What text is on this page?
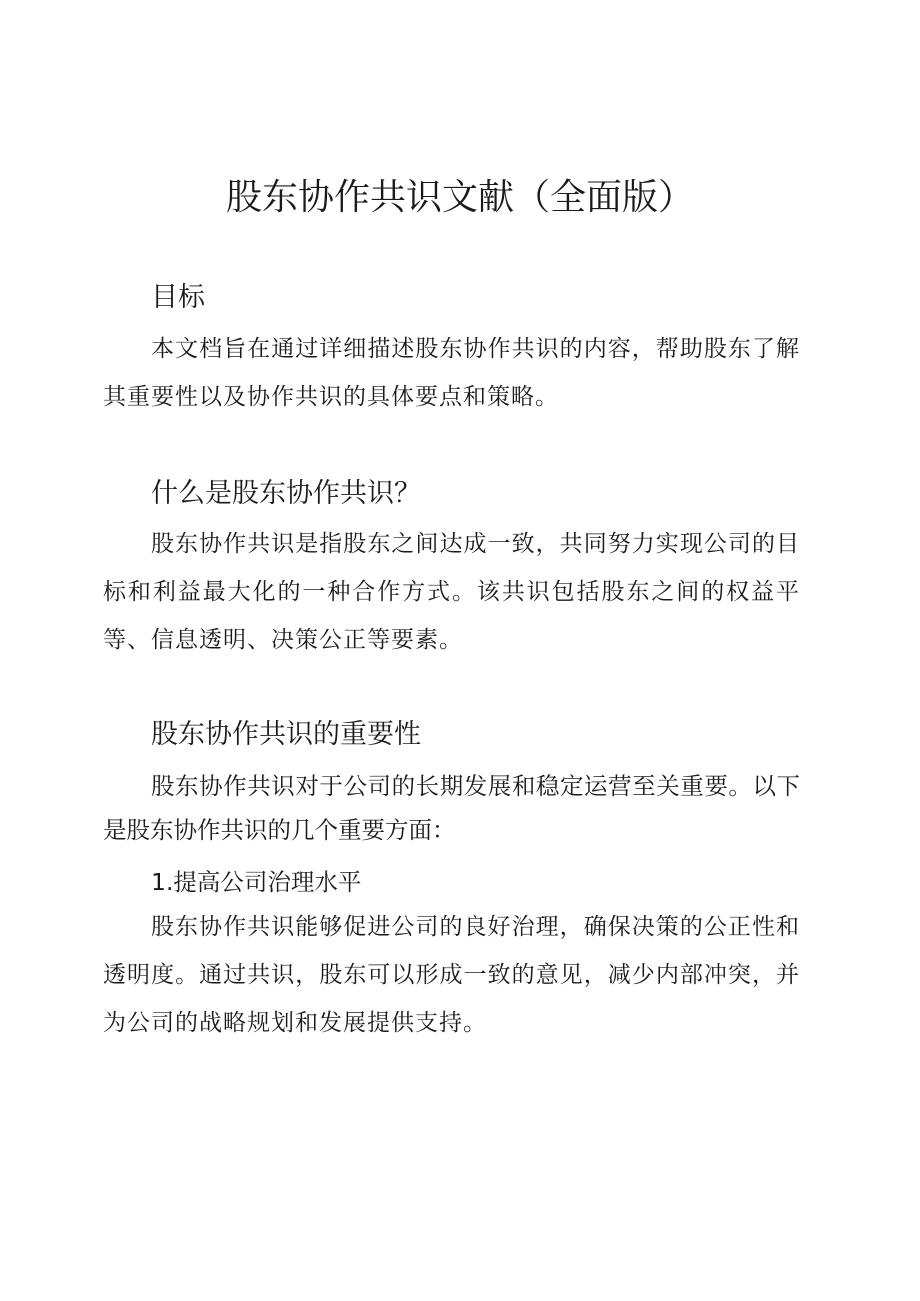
股东协作共识文献（全面版）
目标

本文档旨在通过详细描述股东协作共识的内容，帮助股东了解其重要性以及协作共识的具体要点和策略。

什么是股东协作共识？

股东协作共识是指股东之间达成一致，共同努力实现公司的目标和利益最大化的一种合作方式。该共识包括股东之间的权益平等、信息透明、决策公正等要素。

股东协作共识的重要性

股东协作共识对于公司的长期发展和稳定运营至关重要。以下是股东协作共识的几个重要方面：

1.提高公司治理水平

股东协作共识能够促进公司的良好治理，确保决策的公正性和透明度。通过共识，股东可以形成一致的意见，减少内部冲突，并为公司的战略规划和发展提供支持。
